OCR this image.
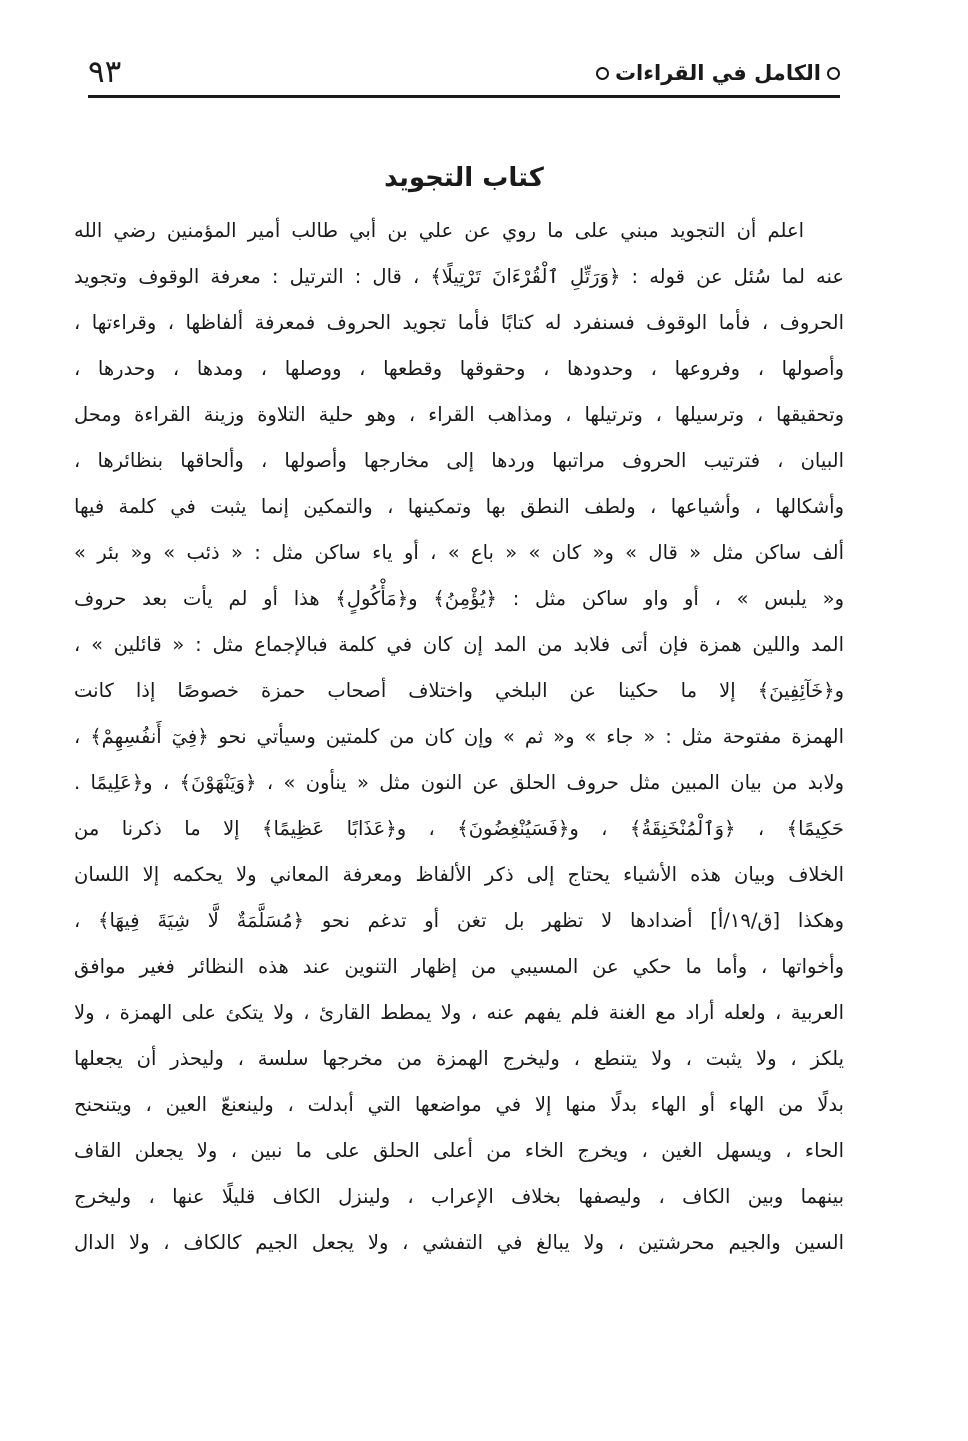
٩٣	الكامل في القراءات
كتاب التجويد
اعلم أن التجويد مبني على ما روي عن علي بن أبي طالب أمير المؤمنين رضي الله
عنه لما سُئل عن قوله : ﴿وَرَتِّلِ ٱلْقُرْءَانَ تَرْتِيلًا﴾ ، قال : الترتيل : معرفة الوقوف وتجويد
الحروف ، فأما الوقوف فسنفرد له كتابًا فأما تجويد الحروف فمعرفة ألفاظها ، وقراءتها ،
وأصولها ، وفروعها ، وحدودها ، وحقوقها وقطعها ، ووصلها ، ومدها ، وحدرها ،
وتحقيقها ، وترسيلها ، وترتيلها ، ومذاهب القراء ، وهو حلية التلاوة وزينة القراءة ومحل
البيان ، فترتيب الحروف مراتبها وردها إلى مخارجها وأصولها ، وألحاقها بنظائرها ،
وأشكالها ، وأشياعها ، ولطف النطق بها وتمكينها ، والتمكين إنما يثبت في كلمة فيها
ألف ساكن مثل « قال » و« كان » « باع » ، أو ياء ساكن مثل : « ذئب » و« بئر »
و« يلبس » ، أو واو ساكن مثل : ﴿يُؤْمِنُ﴾ و﴿مَأْكُولٍ﴾ هذا أو لم يأت بعد حروف
المد واللين همزة فإن أتى فلابد من المد إن كان في كلمة فبالإجماع مثل : « قائلين » ،
و﴿خَآئِفِينَ﴾ إلا ما حكينا عن البلخي واختلاف أصحاب حمزة خصوصًا إذا كانت
الهمزة مفتوحة مثل : « جاء » و« ثم » وإن كان من كلمتين وسيأتي نحو ﴿فِيٓ أَنفُسِهِمْ﴾ ،
ولابد من بيان المبين مثل حروف الحلق عن النون مثل « ينأون » ، ﴿وَيَنْهَوْنَ﴾ ، و﴿عَلِيمًا .
حَكِيمًا﴾ ، ﴿وَٱلْمُنْخَنِقَةُ﴾ ، و﴿فَسَيُنْغِضُونَ﴾ ، و﴿عَذَابًا عَظِيمًا﴾ إلا ما ذكرنا من
الخلاف وبيان هذه الأشياء يحتاج إلى ذكر الألفاظ ومعرفة المعاني ولا يحكمه إلا اللسان
وهكذا [ق/١٩/أ] أضدادها لا تظهر بل تغن أو تدغم نحو ﴿مُسَلَّمَةٌ لَّا شِيَةَ فِيهَا﴾ ،
وأخواتها ، وأما ما حكي عن المسيبي من إظهار التنوين عند هذه النظائر فغير موافق
العربية ، ولعله أراد مع الغنة فلم يفهم عنه ، ولا يمطط القارئ ، ولا يتكئ على الهمزة ، ولا
يلكز ، ولا يثبت ، ولا يتنطع ، وليخرج الهمزة من مخرجها سلسة ، وليحذر أن يجعلها
بدلًا من الهاء أو الهاء بدلًا منها إلا في مواضعها التي أبدلت ، ولينعنعّ العين ، ويتنحنح
الحاء ، ويسهل الغين ، ويخرج الخاء من أعلى الحلق على ما نبين ، ولا يجعلن القاف
بينهما وبين الكاف ، وليصفها بخلاف الإعراب ، ولينزل الكاف قليلًا عنها ، وليخرج
السين والجيم محرشتين ، ولا يبالغ في التفشي ، ولا يجعل الجيم كالكاف ، ولا الدال
